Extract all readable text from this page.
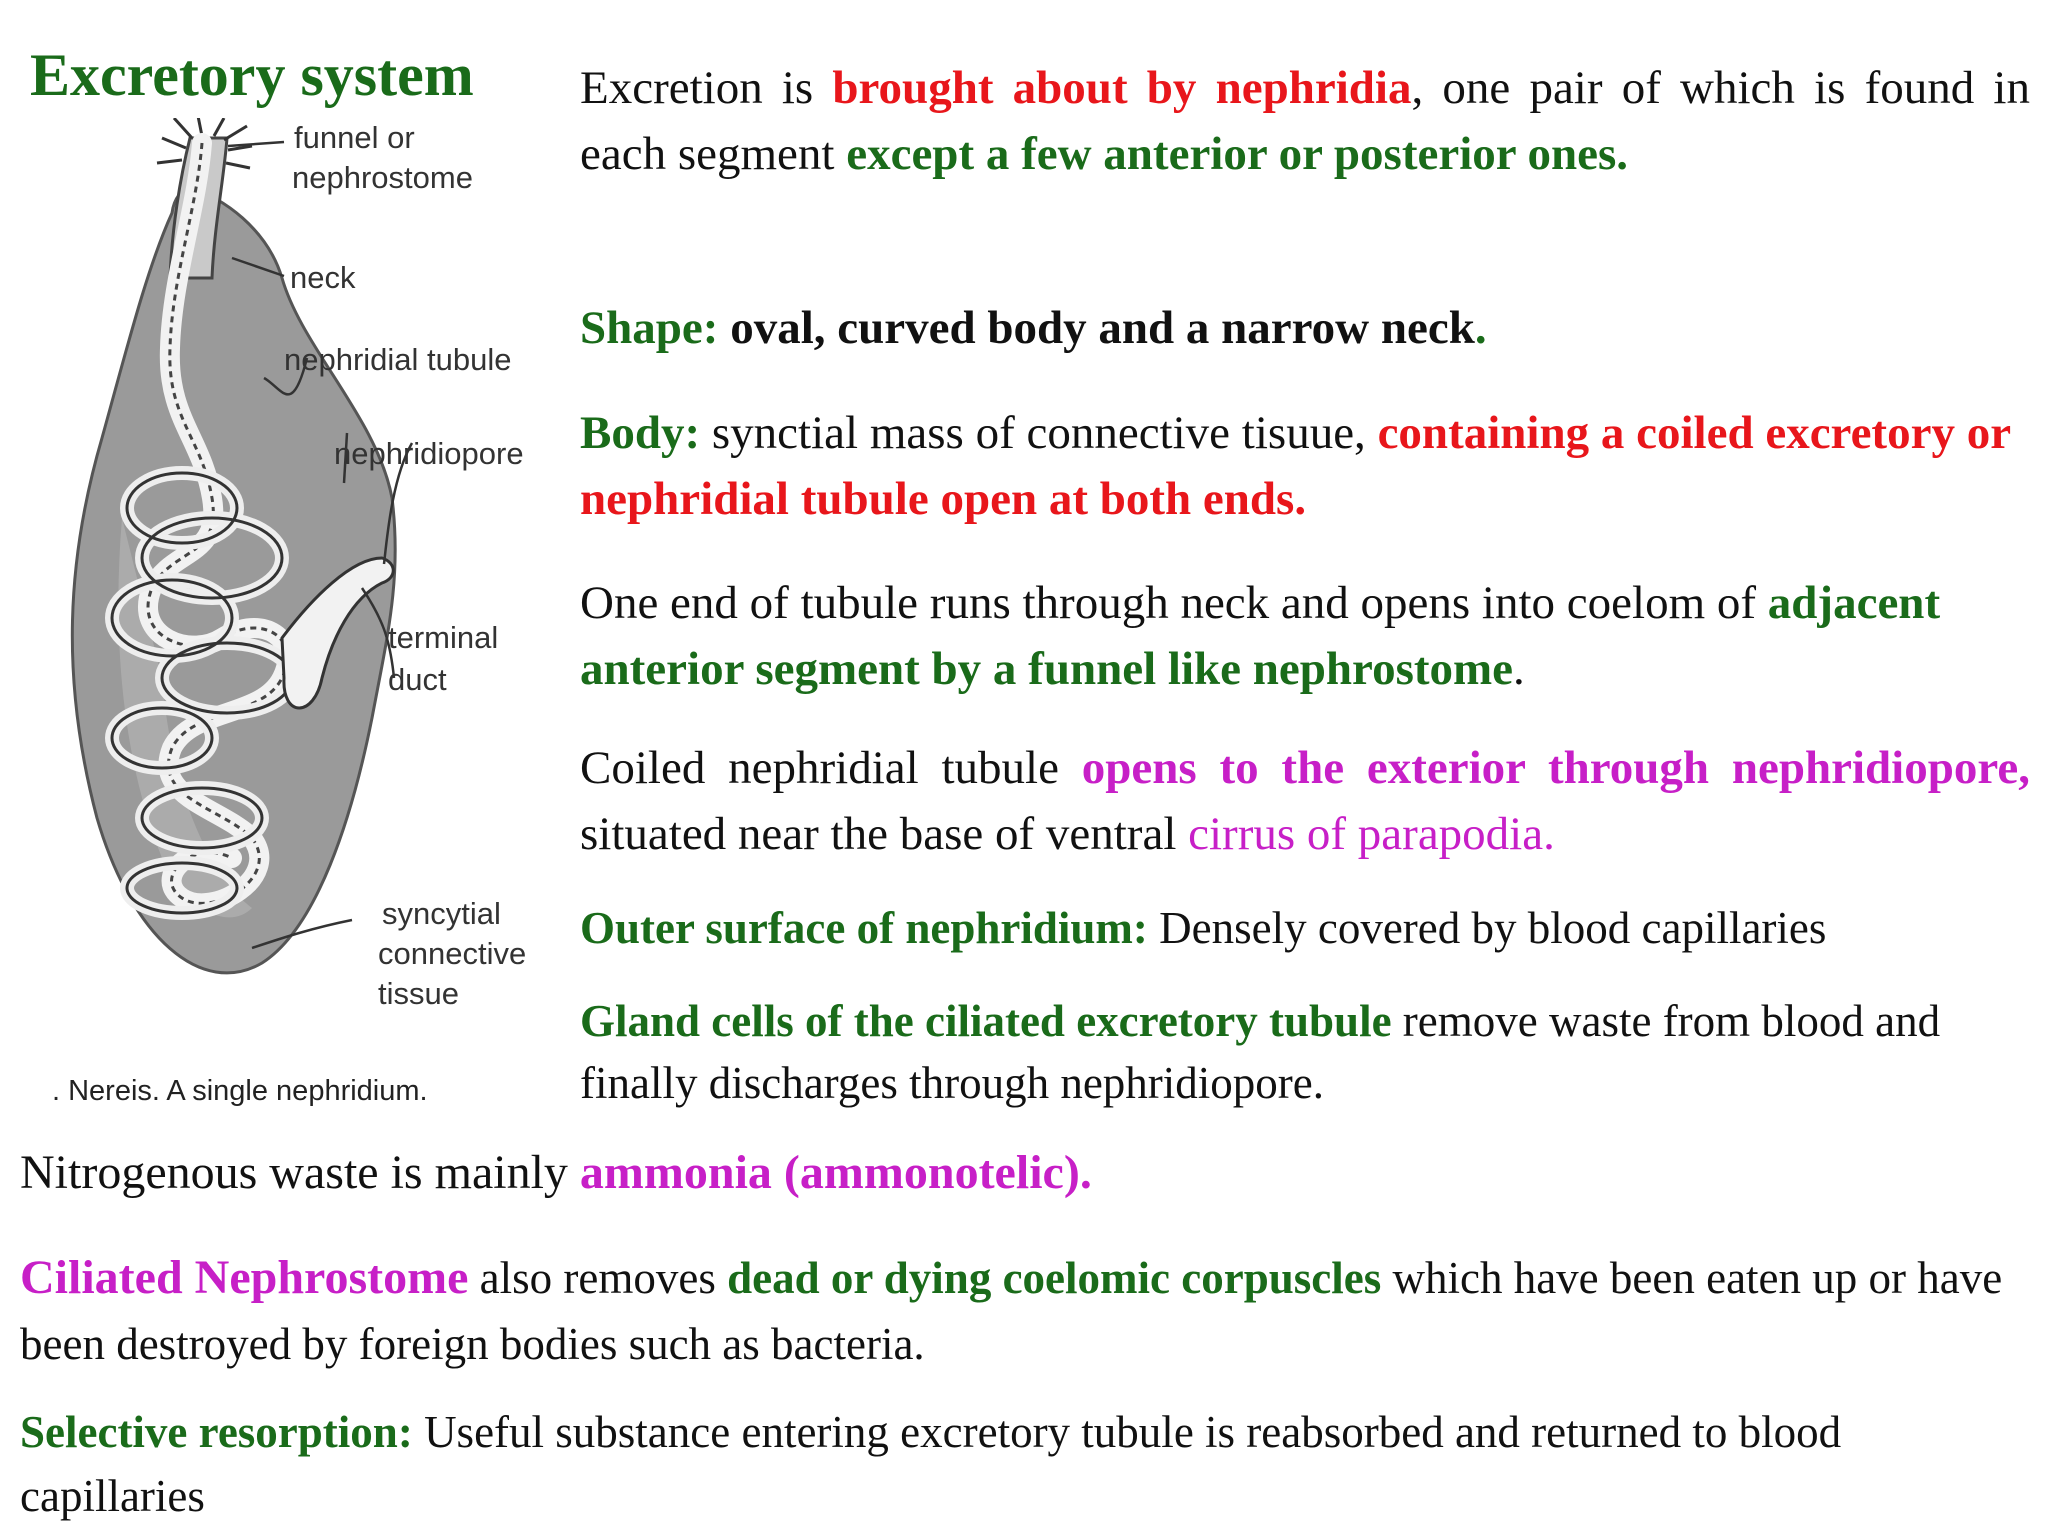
Excretory system
funnel or
nephrostome
neck
nephridial tubule
nephridiopore
terminal
duct
syncytial
connective
tissue
. Nereis. A single nephridium.

Excretion is brought about by nephridia, one pair of which is found in each segment except a few anterior or posterior ones.

Shape: oval, curved body and a narrow neck.

Body: synctial mass of connective tisuue, containing a coiled excretory or nephridial tubule open at both ends.

One end of tubule runs through neck and opens into coelom of adjacent anterior segment by a funnel like nephrostome.

Coiled nephridial tubule opens to the exterior through nephridiopore, situated near the base of ventral cirrus of parapodia.

Outer surface of nephridium: Densely covered by blood capillaries

Gland cells of the ciliated excretory tubule remove waste from blood and finally discharges through nephridiopore.

Nitrogenous waste is mainly ammonia (ammonotelic).

Ciliated Nephrostome also removes dead or dying coelomic corpuscles which have been eaten up or have been destroyed by foreign bodies such as bacteria.

Selective resorption: Useful substance entering excretory tubule is reabsorbed and returned to blood capillaries
